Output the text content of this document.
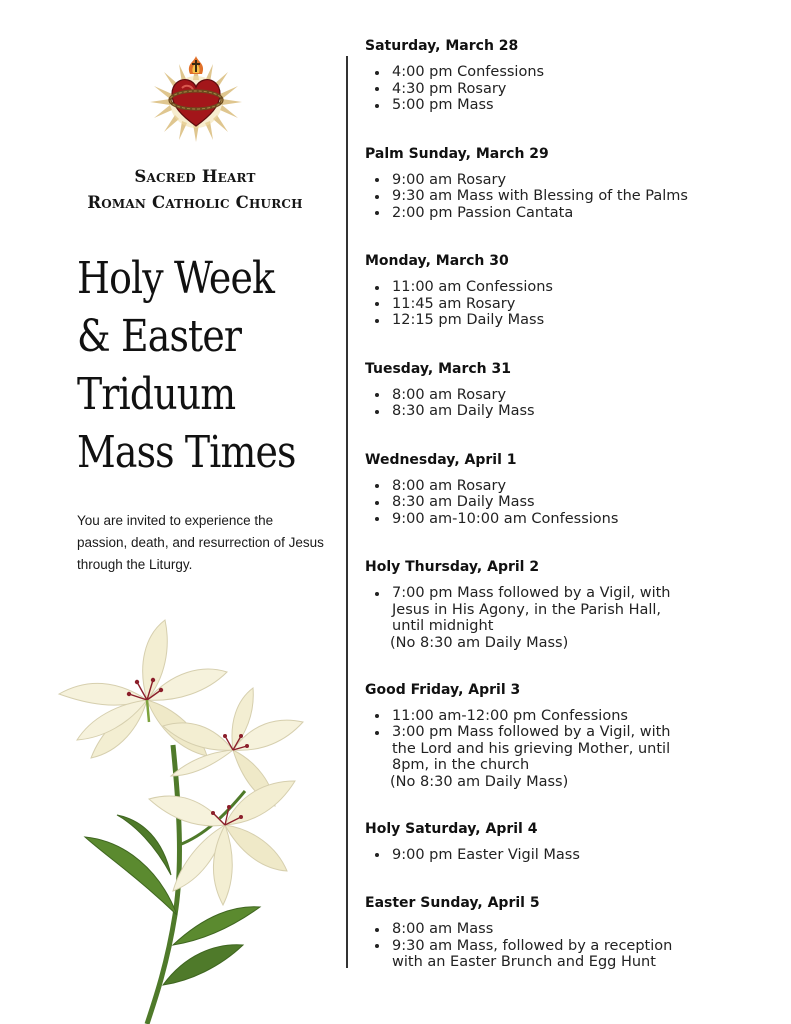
Sacred Heart
Roman Catholic Church
Holy Week
& Easter
Triduum
Mass Times
You are invited to experience the passion, death, and resurrection of Jesus through the Liturgy.
Saturday, March 28
4:00 pm Confessions
4:30 pm Rosary
5:00 pm Mass
Palm Sunday, March 29
9:00 am Rosary
9:30 am Mass with Blessing of the Palms
2:00 pm Passion Cantata
Monday, March 30
11:00 am Confessions
11:45 am Rosary
12:15 pm Daily Mass
Tuesday, March 31
8:00 am Rosary
8:30 am Daily Mass
Wednesday, April 1
8:00 am Rosary
8:30 am Daily Mass
9:00 am-10:00 am Confessions
Holy Thursday, April 2
7:00 pm Mass followed by a Vigil, with Jesus in His Agony, in the Parish Hall, until midnight
(No 8:30 am Daily Mass)
Good Friday, April 3
11:00 am-12:00 pm Confessions
3:00 pm Mass followed by a Vigil, with the Lord and his grieving Mother, until 8pm, in the church
(No 8:30 am Daily Mass)
Holy Saturday, April 4
9:00 pm Easter Vigil Mass
Easter Sunday, April 5
8:00 am Mass
9:30 am Mass, followed by a reception with an Easter Brunch and Egg Hunt
